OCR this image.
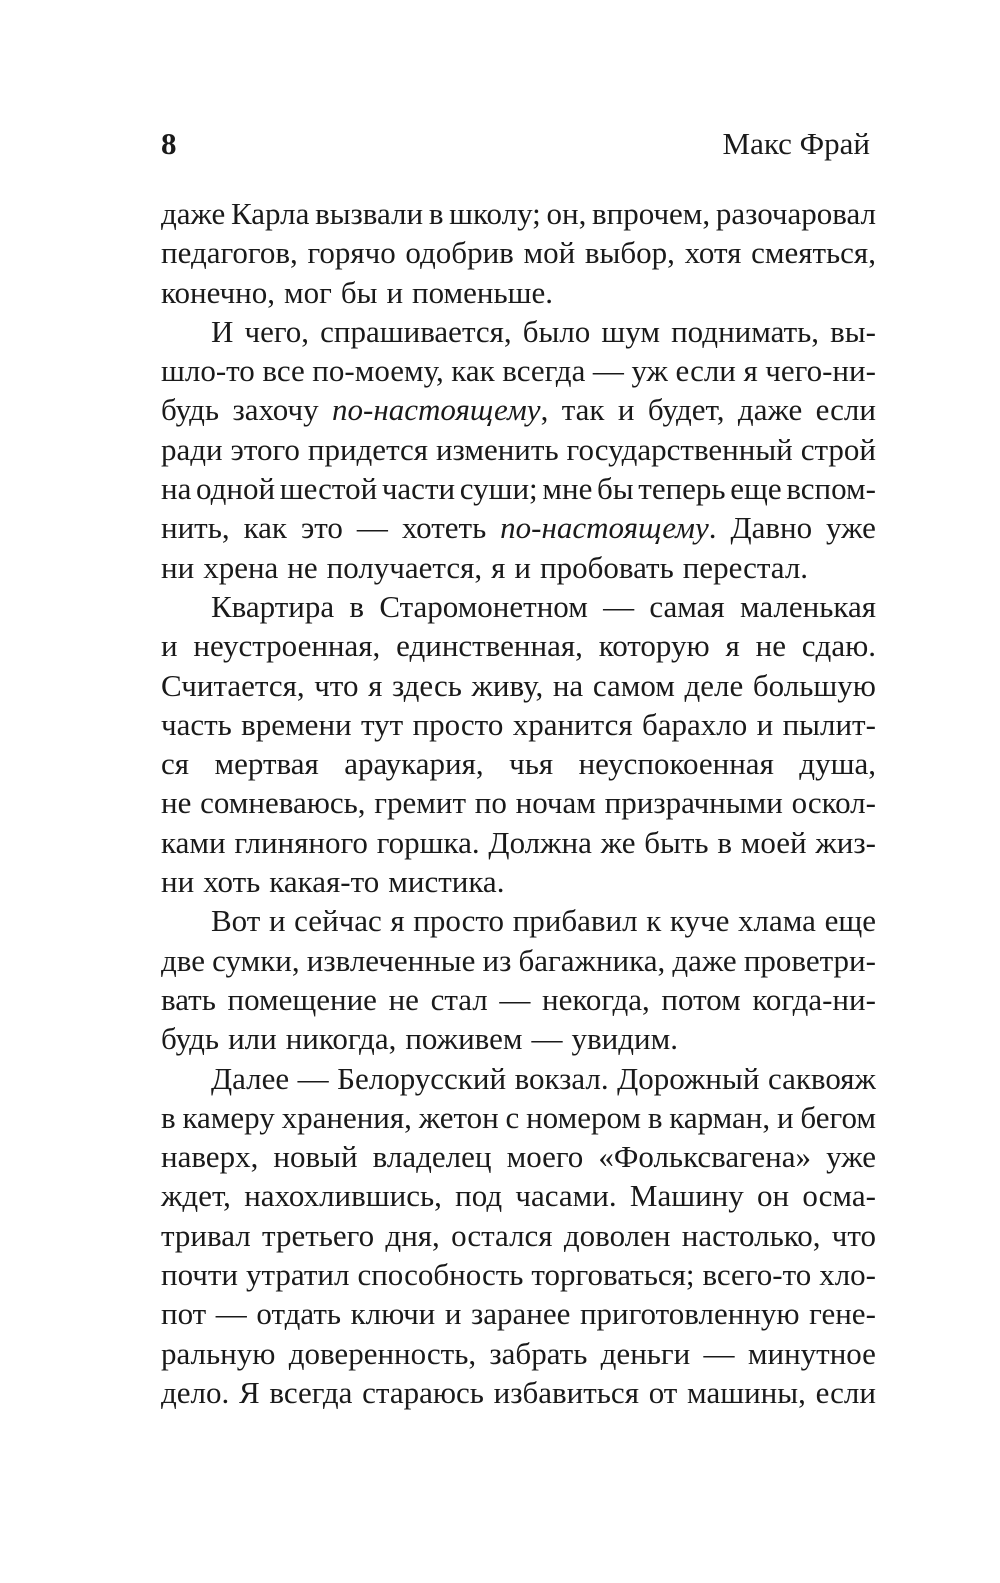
8	Макс Фрай
даже Карла вызвали в школу; он, впрочем, разочаровал
педагогов, горячо одобрив мой выбор, хотя смеяться,
конечно, мог бы и поменьше.
И чего, спрашивается, было шум поднимать, вы-
шло-то все по-моему, как всегда — уж если я чего-ни-
будь захочу по-настоящему, так и будет, даже если
ради этого придется изменить государственный строй
на одной шестой части суши; мне бы теперь еще вспом-
нить, как это — хотеть по-настоящему. Давно уже
ни хрена не получается, я и пробовать перестал.
Квартира в Старомонетном — самая маленькая
и неустроенная, единственная, которую я не сдаю.
Считается, что я здесь живу, на самом деле большую
часть времени тут просто хранится барахло и пылит-
ся мертвая араукария, чья неуспокоенная душа,
не сомневаюсь, гремит по ночам призрачными оскол-
ками глиняного горшка. Должна же быть в моей жиз-
ни хоть какая-то мистика.
Вот и сейчас я просто прибавил к куче хлама еще
две сумки, извлеченные из багажника, даже проветри-
вать помещение не стал — некогда, потом когда-ни-
будь или никогда, поживем — увидим.
Далее — Белорусский вокзал. Дорожный саквояж
в камеру хранения, жетон с номером в карман, и бегом
наверх, новый владелец моего «Фольксвагена» уже
ждет, нахохлившись, под часами. Машину он осма-
тривал третьего дня, остался доволен настолько, что
почти утратил способность торговаться; всего-то хло-
пот — отдать ключи и заранее приготовленную гене-
ральную доверенность, забрать деньги — минутное
дело. Я всегда стараюсь избавиться от машины, если
